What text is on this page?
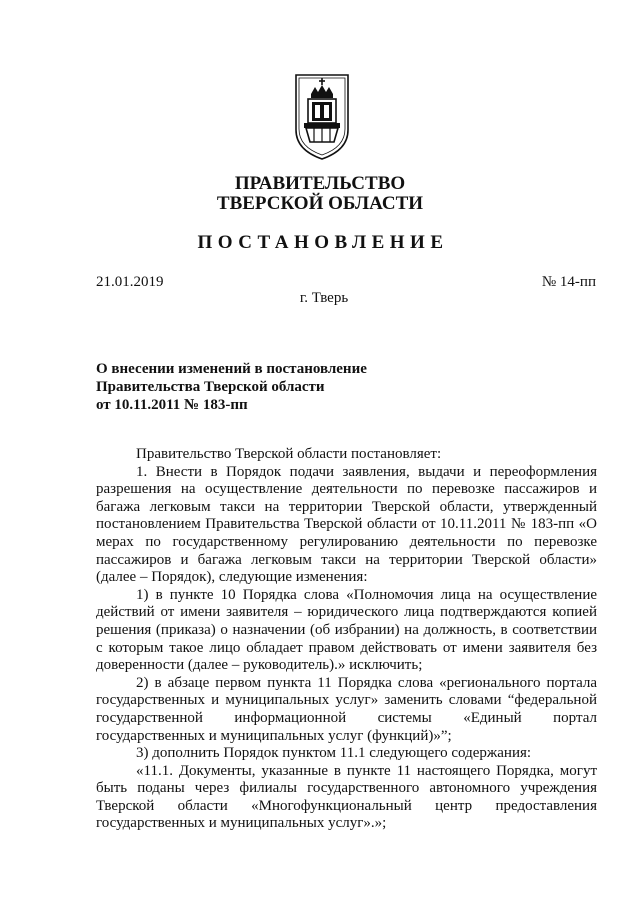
ПРАВИТЕЛЬСТВО
ТВЕРСКОЙ ОБЛАСТИ
ПОСТАНОВЛЕНИЕ
21.01.2019	№ 14-пп
г. Тверь
О внесении изменений в постановление
Правительства Тверской области
от 10.11.2011 № 183-пп

Правительство Тверской области постановляет:

1. Внести в Порядок подачи заявления, выдачи и переоформления разрешения на осуществление деятельности по перевозке пассажиров и багажа легковым такси на территории Тверской области, утвержденный постановлением Правительства Тверской области от 10.11.2011 № 183-пп «О мерах по государственному регулированию деятельности по перевозке пассажиров и багажа легковым такси на территории Тверской области» (далее – Порядок), следующие изменения:

1) в пункте 10 Порядка слова «Полномочия лица на осуществление действий от имени заявителя – юридического лица подтверждаются копией решения (приказа) о назначении (об избрании) на должность, в соответствии с которым такое лицо обладает правом действовать от имени заявителя без доверенности (далее – руководитель).» исключить;

2) в абзаце первом пункта 11 Порядка слова «регионального портала государственных и муниципальных услуг» заменить словами “федеральной государственной информационной системы «Единый портал государственных и муниципальных услуг (функций)»”;

3) дополнить Порядок пунктом 11.1 следующего содержания:

«11.1. Документы, указанные в пункте 11 настоящего Порядка, могут быть поданы через филиалы государственного автономного учреждения Тверской области «Многофункциональный центр предоставления государственных и муниципальных услуг».»;
